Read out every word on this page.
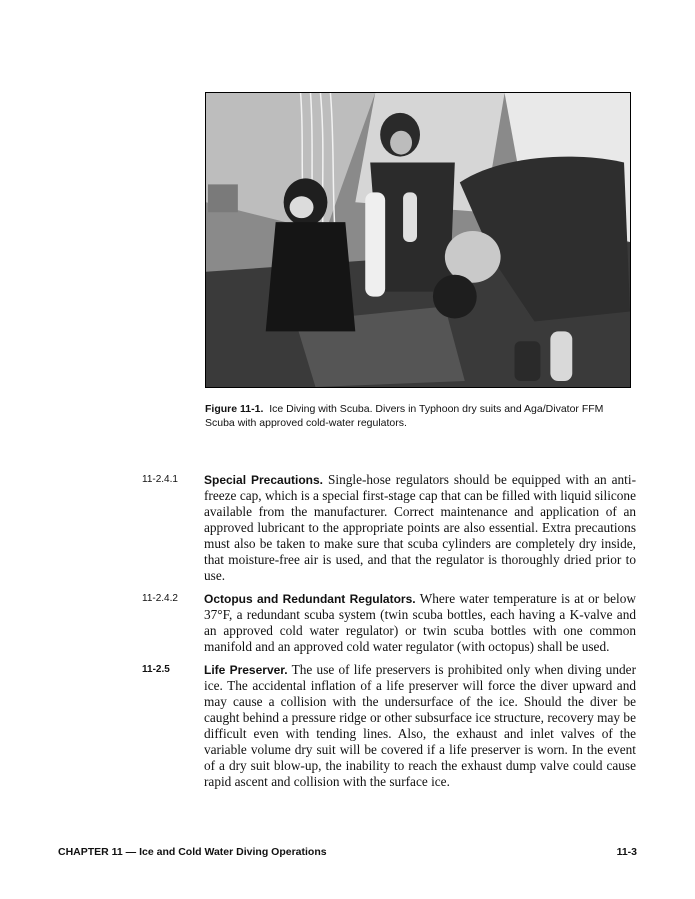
Figure 11-1. Ice Diving with Scuba. Divers in Typhoon dry suits and Aga/Divator FFM Scuba with approved cold-water regulators.
11-2.4.1 Special Precautions. Single-hose regulators should be equipped with an anti-freeze cap, which is a special first-stage cap that can be filled with liquid silicone available from the manufacturer. Correct maintenance and application of an approved lubricant to the appropriate points are also essential. Extra precautions must also be taken to make sure that scuba cylinders are completely dry inside, that moisture-free air is used, and that the regulator is thoroughly dried prior to use.
11-2.4.2 Octopus and Redundant Regulators. Where water temperature is at or below 37°F, a redundant scuba system (twin scuba bottles, each having a K-valve and an approved cold water regulator) or twin scuba bottles with one common manifold and an approved cold water regulator (with octopus) shall be used.
11-2.5	Life Preserver. The use of life preservers is prohibited only when diving under ice. The accidental inflation of a life preserver will force the diver upward and may cause a collision with the undersurface of the ice. Should the diver be caught behind a pressure ridge or other subsurface ice structure, recovery may be difficult even with tending lines. Also, the exhaust and inlet valves of the variable volume dry suit will be covered if a life preserver is worn. In the event of a dry suit blow-up, the inability to reach the exhaust dump valve could cause rapid ascent and collision with the surface ice.
CHAPTER 11 — Ice and Cold Water Diving Operations	11-3
